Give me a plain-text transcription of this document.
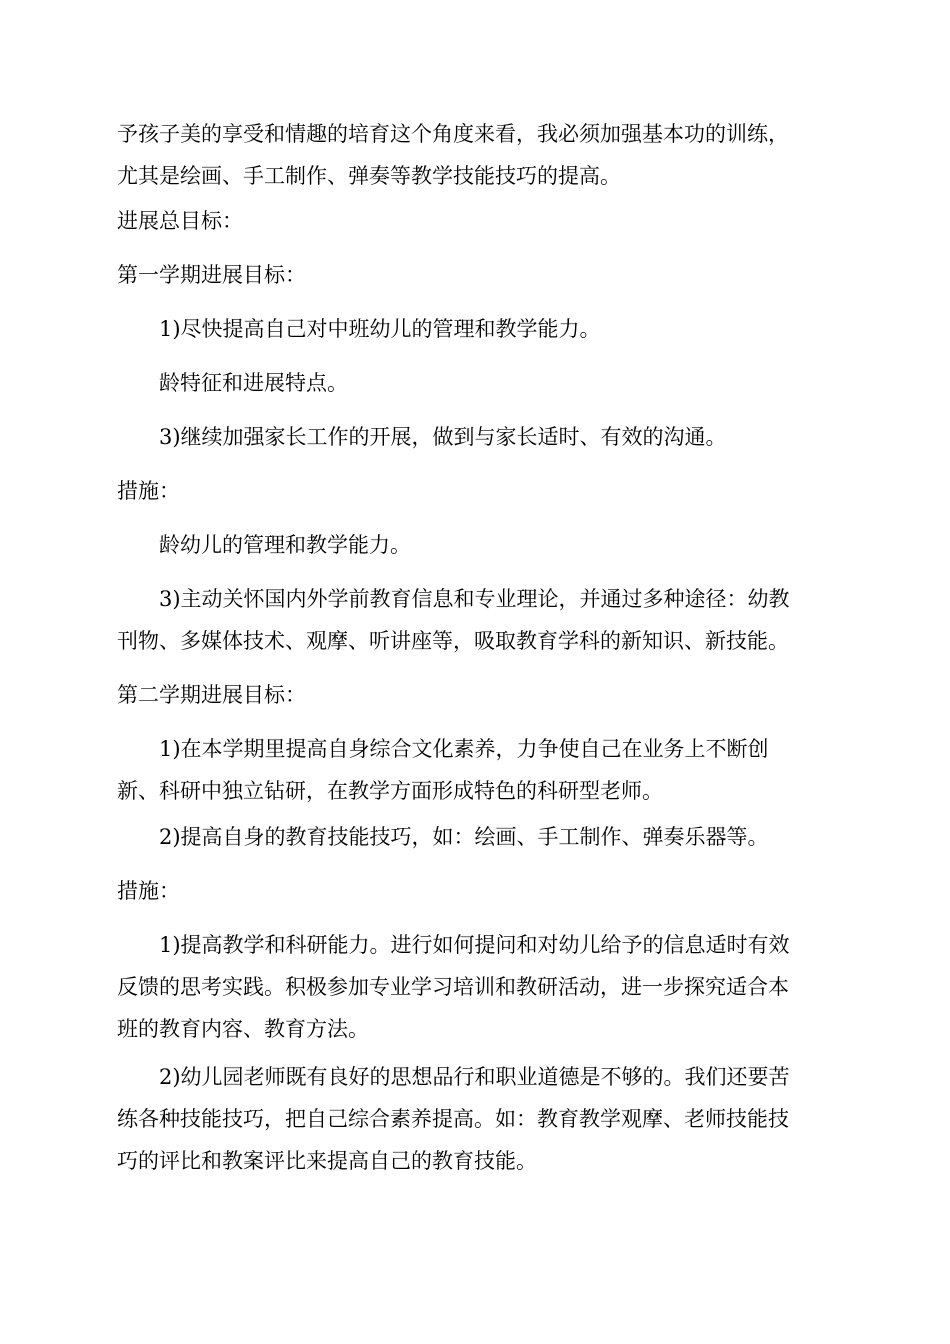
予孩子美的享受和情趣的培育这个角度来看，我必须加强基本功的训练，
尤其是绘画、手工制作、弹奏等教学技能技巧的提高。

进展总目标：

第一学期进展目标：

1)尽快提高自己对中班幼儿的管理和教学能力。

龄特征和进展特点。

3)继续加强家长工作的开展，做到与家长适时、有效的沟通。

措施：

龄幼儿的管理和教学能力。

3)主动关怀国内外学前教育信息和专业理论，并通过多种途径：幼教
刊物、多媒体技术、观摩、听讲座等，吸取教育学科的新知识、新技能。

第二学期进展目标：

1)在本学期里提高自身综合文化素养，力争使自己在业务上不断创
新、科研中独立钻研，在教学方面形成特色的科研型老师。

2)提高自身的教育技能技巧，如：绘画、手工制作、弹奏乐器等。

措施：

1)提高教学和科研能力。进行如何提问和对幼儿给予的信息适时有效
反馈的思考实践。积极参加专业学习培训和教研活动，进一步探究适合本
班的教育内容、教育方法。

2)幼儿园老师既有良好的思想品行和职业道德是不够的。我们还要苦
练各种技能技巧，把自己综合素养提高。如：教育教学观摩、老师技能技
巧的评比和教案评比来提高自己的教育技能。
